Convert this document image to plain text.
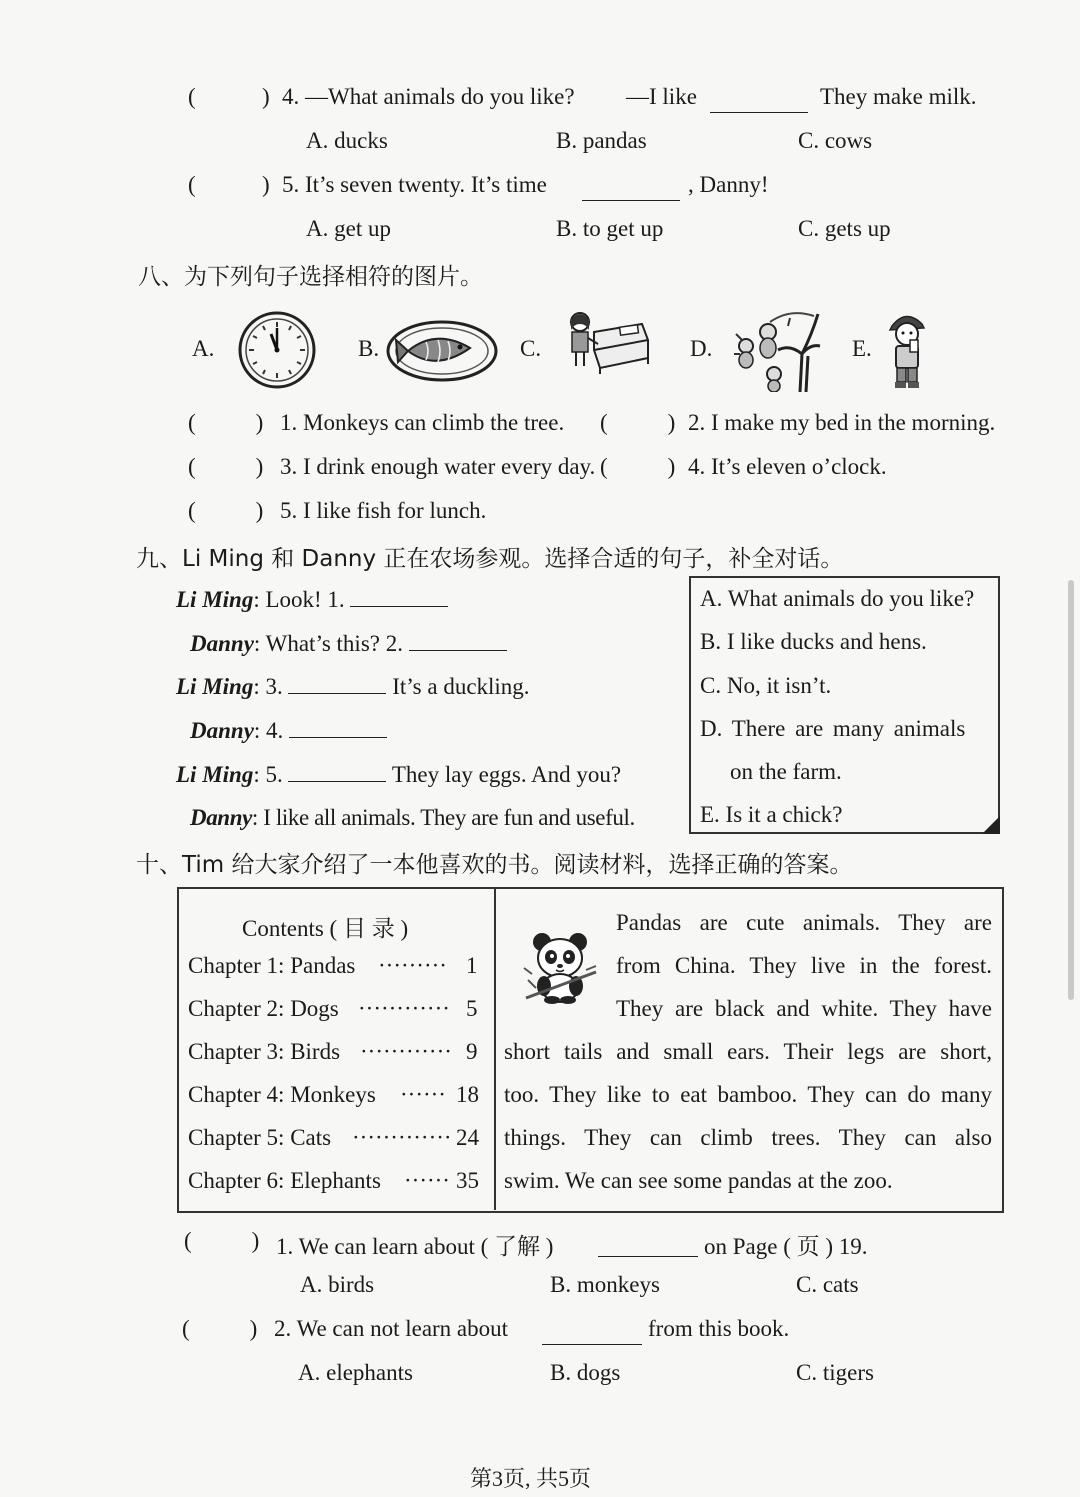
(	) 4. —What animals do you like? —I like	They make milk.
A. ducks	B. pandas	C. cows
(	) 5. It’s seven twenty. It’s time	, Danny!
A. get up	B. to get up	C. gets up
八、为下列句子选择相符的图片。
A.	B.	C.	D.	E.
(	) 1. Monkeys can climb the tree. (	) 2. I make my bed in the morning.
(	) 3. I drink enough water every day. (	) 4. It’s eleven o’clock.
(	) 5. I like fish for lunch.
九、Li Ming 和 Danny 正在农场参观。选择合适的句子，补全对话。
Li Ming: Look! 1.
Danny: What’s this? 2.
Li Ming: 3.	It’s a duckling.
Danny: 4.
Li Ming: 5.	They lay eggs. And you?
Danny: I like all animals. They are fun and useful.
A. What animals do you like?
B. I like ducks and hens.
C. No, it isn’t.
D. There are many animals
on the farm.
E. Is it a chick?
十、Tim 给大家介绍了一本他喜欢的书。阅读材料，选择正确的答案。
Contents ( 目 录 )
Chapter 1: Pandas ········· 1
Chapter 2: Dogs ············ 5
Chapter 3: Birds ············ 9
Chapter 4: Monkeys ······ 18
Chapter 5: Cats ············· 24
Chapter 6: Elephants ······ 35
Pandas are cute animals. They are
from China. They live in the forest.
They are black and white. They have
short tails and small ears. Their legs are short,
too. They like to eat bamboo. They can do many
things. They can climb trees. They can also
swim. We can see some pandas at the zoo.
(	) 1. We can learn about ( 了解 )	on Page ( 页 ) 19.
A. birds	B. monkeys	C. cats
(	) 2. We can not learn about	from this book.
A. elephants	B. dogs	C. tigers
第3页, 共5页
